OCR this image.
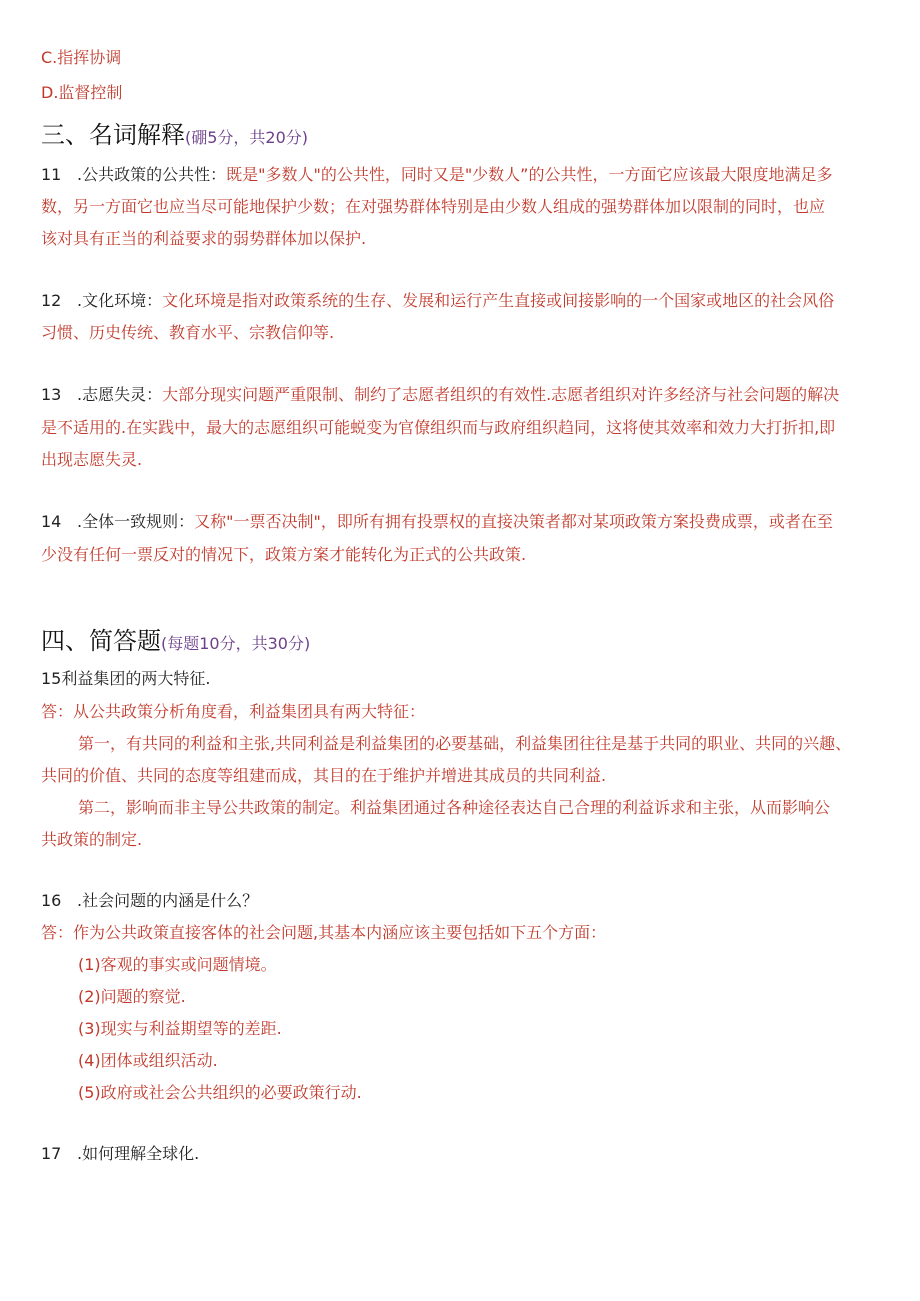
C.指挥协调
D.监督控制
三、名词解释(硼5分，共20分)
11 .公共政策的公共性：既是"多数人"的公共性，同时又是"少数人”的公共性，一方面它应该最大限度地满足多
数，另一方面它也应当尽可能地保护少数；在对强势群体特别是由少数人组成的强势群体加以限制的同时，也应
该对具有正当的利益要求的弱势群体加以保护.
12 .文化环境：文化环境是指对政策系统的生存、发展和运行产生直接或间接影响的一个国家或地区的社会风俗
习惯、历史传统、教育水平、宗教信仰等.
13 .志愿失灵：大部分现实问题严重限制、制约了志愿者组织的有效性.志愿者组织对许多经济与社会问题的解决
是不适用的.在实践中，最大的志愿组织可能蜕变为官僚组织而与政府组织趋同，这将使其效率和效力大打折扣,即
出现志愿失灵.
14 .全体一致规则：又称"一票否决制"，即所有拥有投票权的直接决策者都对某项政策方案投费成票，或者在至
少没有任何一票反对的情况下，政策方案才能转化为正式的公共政策.
四、简答题(每题10分，共30分)
15利益集团的两大特征.
答：从公共政策分析角度看，利益集团具有两大特征：
第一，有共同的利益和主张,共同利益是利益集团的必要基础，利益集团往往是基于共同的职业、共同的兴趣、
共同的价值、共同的态度等组建而成，其目的在于维护并增进其成员的共同利益.
第二，影响而非主导公共政策的制定。利益集团通过各种途径表达自己合理的利益诉求和主张，从而影响公
共政策的制定.
16 .社会问题的内涵是什么？
答：作为公共政策直接客体的社会问题,其基本内涵应该主要包括如下五个方面：
(1)客观的事实或问题情境。
(2)问题的察觉.
(3)现实与利益期望等的差距.
(4)团体或组织活动.
(5)政府或社会公共组织的必要政策行动.
17 .如何理解全球化.
